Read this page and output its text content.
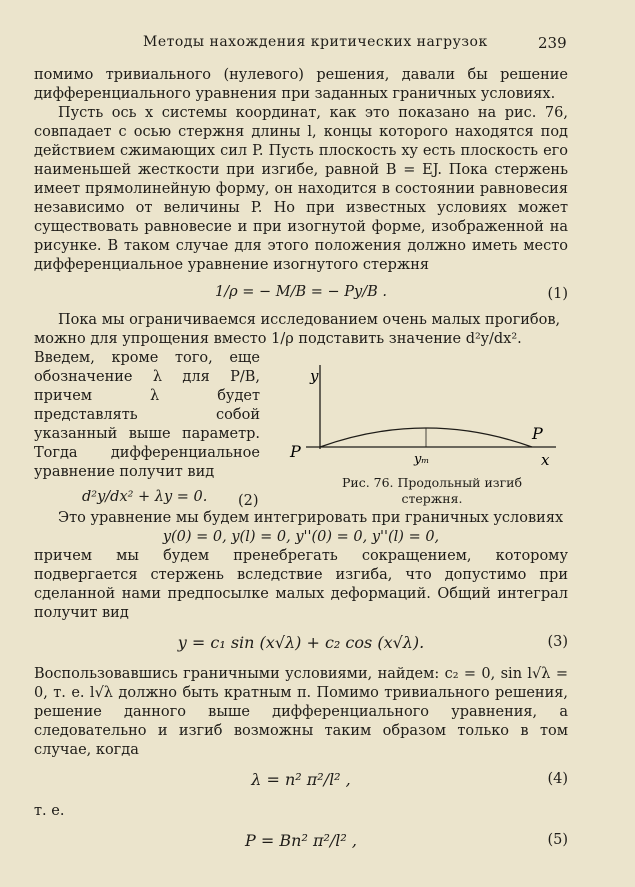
Методы нахождения критических нагрузок	239

помимо тривиального (нулевого) решения, давали бы решение дифференциального уравнения при заданных граничных условиях.

Пусть ось x системы координат, как это показано на рис. 76, совпадает с осью стержня длины l, концы которого находятся под действием сжимающих сил P. Пусть плоскость xy есть плоскость его наименьшей жесткости при изгибе, равной B = EJ. Пока стержень имеет прямолинейную форму, он находится в состоянии равновесия независимо от величины P. Но при известных условиях может существовать равновесие и при изогнутой форме, изображенной на рисунке. В таком случае для этого положения должно иметь место дифференциальное уравнение изогнутого стержня

1/ρ = − M/B = − Py/B .	(1)

Пока мы ограничиваемся исследованием очень малых прогибов,

можно для упрощения вместо 1/ρ подставить значение d²y/dx².

Введем, кроме того, еще обозначение λ для P/B, причем λ будет представлять собой указанный выше параметр. Тогда дифференциальное уравнение получит вид

d²y/dx² + λy = 0. (2)
y
x
P
P
yₘ
Рис. 76. Продольный изгиб стержня.

Это уравнение мы будем интегрировать при граничных условиях

y(0) = 0, y(l) = 0, y''(0) = 0, y''(l) = 0,

причем мы будем пренебрегать сокращением, которому подвергается стержень вследствие изгиба, что допустимо при сделанной нами предпосылке малых деформаций. Общий интеграл получит вид

y = c₁ sin (x√λ) + c₂ cos (x√λ).	(3)

Воспользовавшись граничными условиями, найдем: c₂ = 0, sin l√λ = 0, т. е. l√λ должно быть кратным π. Помимо тривиального решения, решение данного выше дифференциального уравнения, а следовательно и изгиб возможны таким образом только в том случае, когда

λ = n² π²/l² ,	(4)

т. е.

P = Bn² π²/l² ,	(5)
